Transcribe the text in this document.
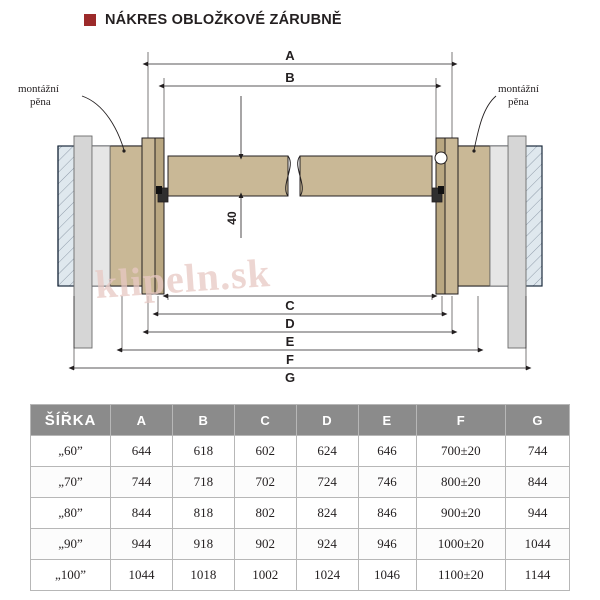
NÁKRES OBLOŽKOVÉ ZÁRUBNĚ
montážní
pěna
montážní
pěna
40
A
B
C
D
E
F
G
klipeln.sk
ŠÍŘKA	A	B	C	D	E	F	G
„60”	644	618	602	624	646	700±20	744
„70”	744	718	702	724	746	800±20	844
„80”	844	818	802	824	846	900±20	944
„90”	944	918	902	924	946	1000±20	1044
„100”	1044	1018	1002	1024	1046	1100±20	1144
